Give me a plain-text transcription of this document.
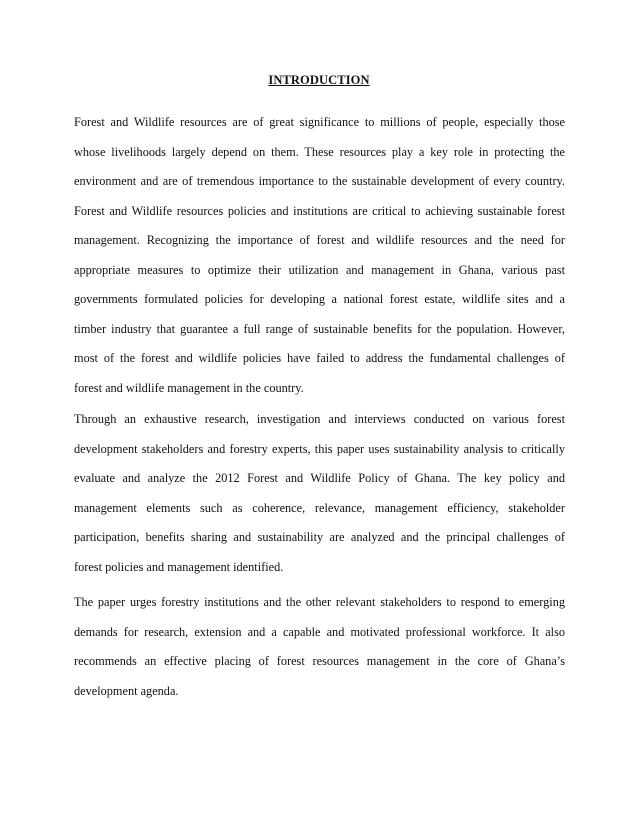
INTRODUCTION
Forest and Wildlife resources are of great significance to millions of people, especially those
whose livelihoods largely depend on them. These resources play a key role in protecting the
environment and are of tremendous importance to the sustainable development of every country.
Forest and Wildlife resources policies and institutions are critical to achieving sustainable forest
management. Recognizing the importance of forest and wildlife resources and the need for
appropriate measures to optimize their utilization and management in Ghana, various past
governments formulated policies for developing a national forest estate, wildlife sites and a
timber industry that guarantee a full range of sustainable benefits for the population. However,
most of the forest and wildlife policies have failed to address the fundamental challenges of
forest and wildlife management in the country.
Through an exhaustive research, investigation and interviews conducted on various forest
development stakeholders and forestry experts, this paper uses sustainability analysis to critically
evaluate and analyze the 2012 Forest and Wildlife Policy of Ghana. The key policy and
management elements such as coherence, relevance, management efficiency, stakeholder
participation, benefits sharing and sustainability are analyzed and the principal challenges of
forest policies and management identified.
The paper urges forestry institutions and the other relevant stakeholders to respond to emerging
demands for research, extension and a capable and motivated professional workforce. It also
recommends an effective placing of forest resources management in the core of Ghana’s
development agenda.
